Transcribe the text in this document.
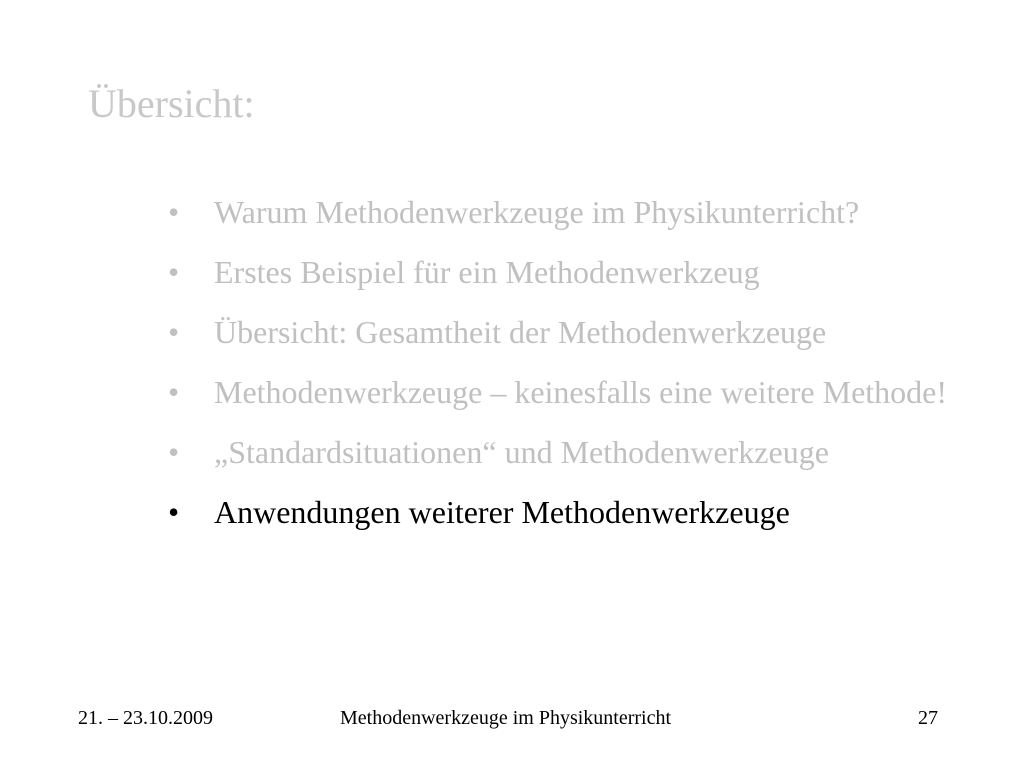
Übersicht:
• Warum Methodenwerkzeuge im Physikunterricht?
• Erstes Beispiel für ein Methodenwerkzeug
• Übersicht: Gesamtheit der Methodenwerkzeuge
• Methodenwerkzeuge – keinesfalls eine weitere Methode!
• „Standardsituationen“ und Methodenwerkzeuge
• Anwendungen weiterer Methodenwerkzeuge
21. – 23.10.2009	Methodenwerkzeuge im Physikunterricht	27
